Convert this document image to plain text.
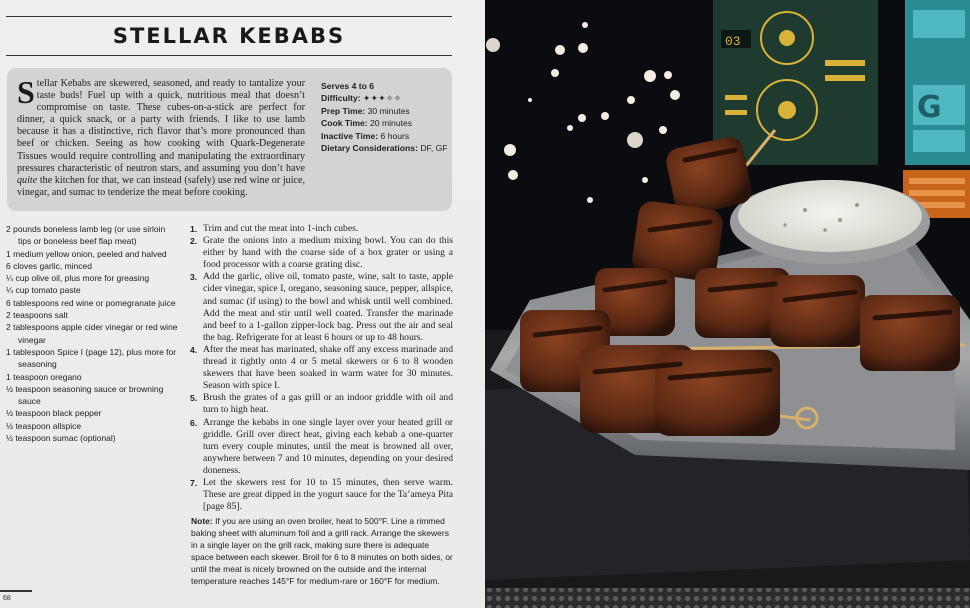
STELLAR KEBABS

Stellar Kebabs are skewered, seasoned, and ready to tantalize your taste buds! Fuel up with a quick, nutritious meal that doesn’t compromise on taste. These cubes-on-a-stick are perfect for dinner, a quick snack, or a party with friends. I like to use lamb because it has a distinctive, rich flavor that’s more pronounced than beef or chicken. Seeing as how cooking with Quark-Degenerate Tissues would require controlling and manipulating the extraordinary pressures characteristic of neutron stars, and assuming you don’t have quite the kitchen for that, we can instead (safely) use red wine or juice, vinegar, and sumac to tenderize the meat before cooking.

Serves 4 to 6
Difficulty: ✦✦✦✧✧
Prep Time: 30 minutes
Cook Time: 20 minutes
Inactive Time: 6 hours
Dietary Considerations: DF, GF
2 pounds boneless lamb leg (or use sirloin tips or boneless beef flap meat)
1 medium yellow onion, peeled and halved
6 cloves garlic, minced
¼ cup olive oil, plus more for greasing
¼ cup tomato paste
6 tablespoons red wine or pomegranate juice
2 teaspoons salt
2 tablespoons apple cider vinegar or red wine vinegar
1 tablespoon Spice I (page 12), plus more for seasoning
1 teaspoon oregano
½ teaspoon seasoning sauce or browning sauce
½ teaspoon black pepper
½ teaspoon allspice
½ teaspoon sumac (optional)
1. Trim and cut the meat into 1-inch cubes.
2. Grate the onions into a medium mixing bowl. You can do this either by hand with the coarse side of a box grater or using a food processor with a coarse grating disc.
3. Add the garlic, olive oil, tomato paste, wine, salt to taste, apple cider vinegar, spice I, oregano, seasoning sauce, pepper, allspice, and sumac (if using) to the bowl and whisk until well combined. Add the meat and stir until well coated. Transfer the marinade and beef to a 1-gallon zipper-lock bag. Press out the air and seal the bag. Refrigerate for at least 6 hours or up to 48 hours.
4. After the meat has marinated, shake off any excess marinade and thread it tightly onto 4 or 5 metal skewers or 6 to 8 wooden skewers that have been soaked in warm water for 30 minutes. Season with spice I.
5. Brush the grates of a gas grill or an indoor griddle with oil and turn to high heat.
6. Arrange the kebabs in one single layer over your heated grill or griddle. Grill over direct heat, giving each kebab a one-quarter turn every couple minutes, until the meat is browned all over, anywhere between 7 and 10 minutes, depending on your desired doneness.
7. Let the skewers rest for 10 to 15 minutes, then serve warm. These are great dipped in the yogurt sauce for the Ta’ameya Pita [page 85].

Note: If you are using an oven broiler, heat to 500°F. Line a rimmed baking sheet with aluminum foil and a grill rack. Arrange the skewers in a single layer on the grill rack, making sure there is adequate space between each skewer. Broil for 6 to 8 minutes on both sides, or until the meat is nicely browned on the outside and the internal temperature reaches 145°F for medium-rare or 160°F for medium.

68
03
G
